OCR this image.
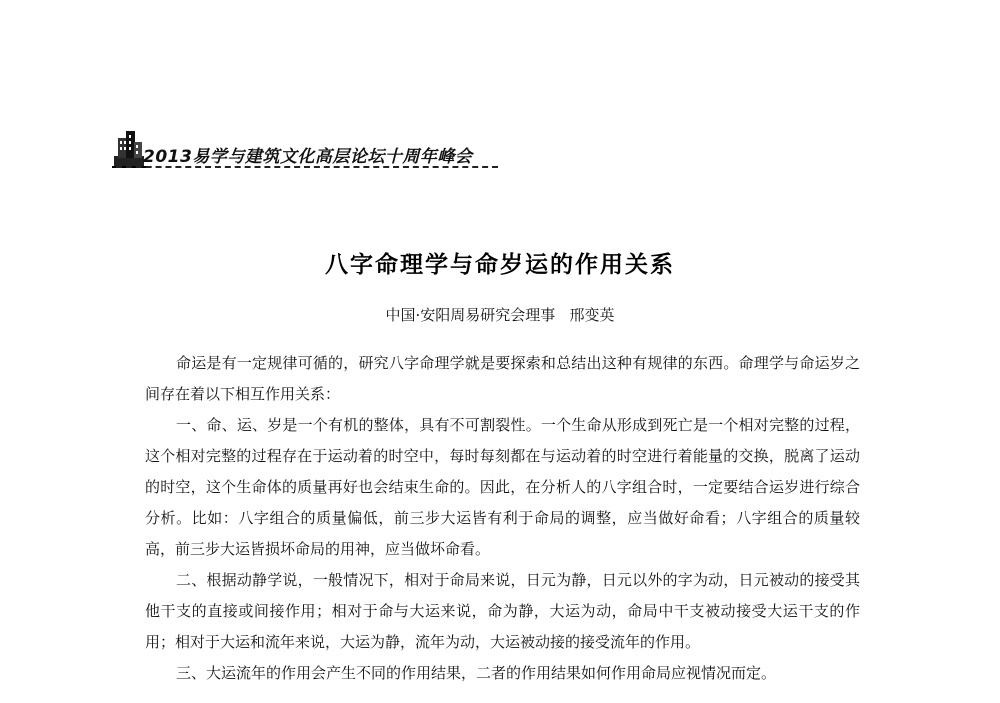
2013易学与建筑文化高层论坛十周年峰会
八字命理学与命岁运的作用关系
中国·安阳周易研究会理事   邢变英

命运是有一定规律可循的，研究八字命理学就是要探索和总结出这种有规律的东西。命理学与命运岁之间存在着以下相互作用关系：

一、命、运、岁是一个有机的整体，具有不可割裂性。一个生命从形成到死亡是一个相对完整的过程，这个相对完整的过程存在于运动着的时空中，每时每刻都在与运动着的时空进行着能量的交换，脱离了运动的时空，这个生命体的质量再好也会结束生命的。因此，在分析人的八字组合时，一定要结合运岁进行综合分析。比如：八字组合的质量偏低，前三步大运皆有利于命局的调整，应当做好命看；八字组合的质量较高，前三步大运皆损坏命局的用神，应当做坏命看。

二、根据动静学说，一般情况下，相对于命局来说，日元为静，日元以外的字为动，日元被动的接受其他干支的直接或间接作用；相对于命与大运来说，命为静，大运为动，命局中干支被动接受大运干支的作用；相对于大运和流年来说，大运为静，流年为动，大运被动接的接受流年的作用。

三、大运流年的作用会产生不同的作用结果，二者的作用结果如何作用命局应视情况而定。
